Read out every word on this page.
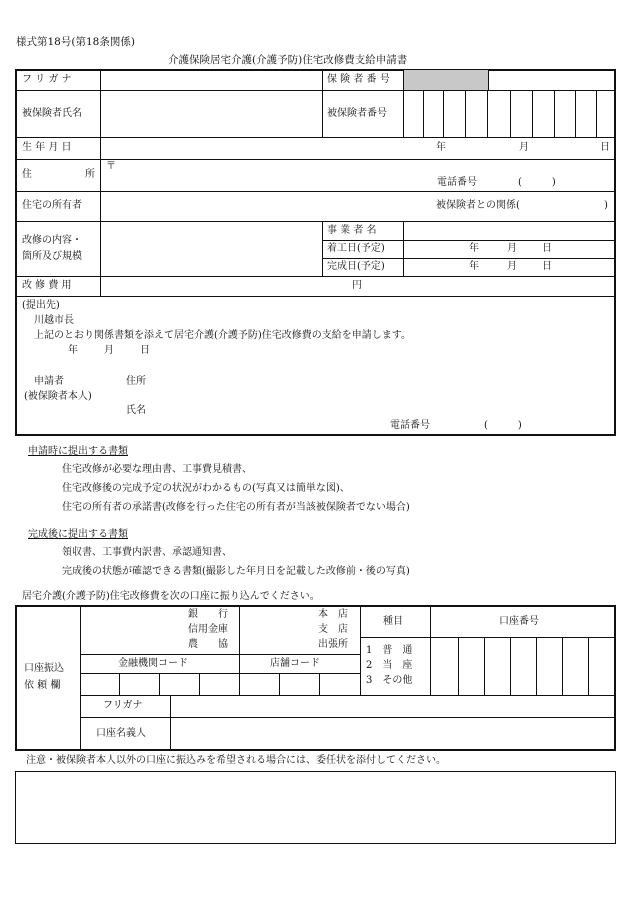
様式第18号(第18条関係)
介護保険居宅介護(介護予防)住宅改修費支給申請書
フ リ ガ ナ	保 険 者 番 号
被保険者氏名	被保険者番号
生 年 月 日	年	月	日
住	所
〒
電話番号	(　　　)
住宅の所有者	被保険者との関係(	)
改修の内容・
箇所及び規模
事 業 者 名
着工日(予定)	年	月	日
完成日(予定)	年	月	日
改 修 費 用	円
(提出先)
川越市長
上記のとおり関係書類を添えて居宅介護(介護予防)住宅改修費の支給を申請します。
年	月	日
申請者
(被保険者本人)
住所
氏名
電話番号	(　　　)
申請時に提出する書類
住宅改修が必要な理由書、工事費見積書、
住宅改修後の完成予定の状況がわかるもの(写真又は簡単な図)、
住宅の所有者の承諾書(改修を行った住宅の所有者が当該被保険者でない場合)
完成後に提出する書類
領収書、工事費内訳書、承認通知書、
完成後の状態が確認できる書類(撮影した年月日を記載した改修前・後の写真)
居宅介護(介護予防)住宅改修費を次の口座に振り込んでください。
口座振込
依 頼 欄
銀　　行
信用金庫
農　　協
本　店
支　店
出張所
種目	口座番号
1　普　通
2　当　座
3　その他
金融機関コード	店舗コード
フリガナ
口座名義人
注意・被保険者本人以外の口座に振込みを希望される場合には、委任状を添付してください。
